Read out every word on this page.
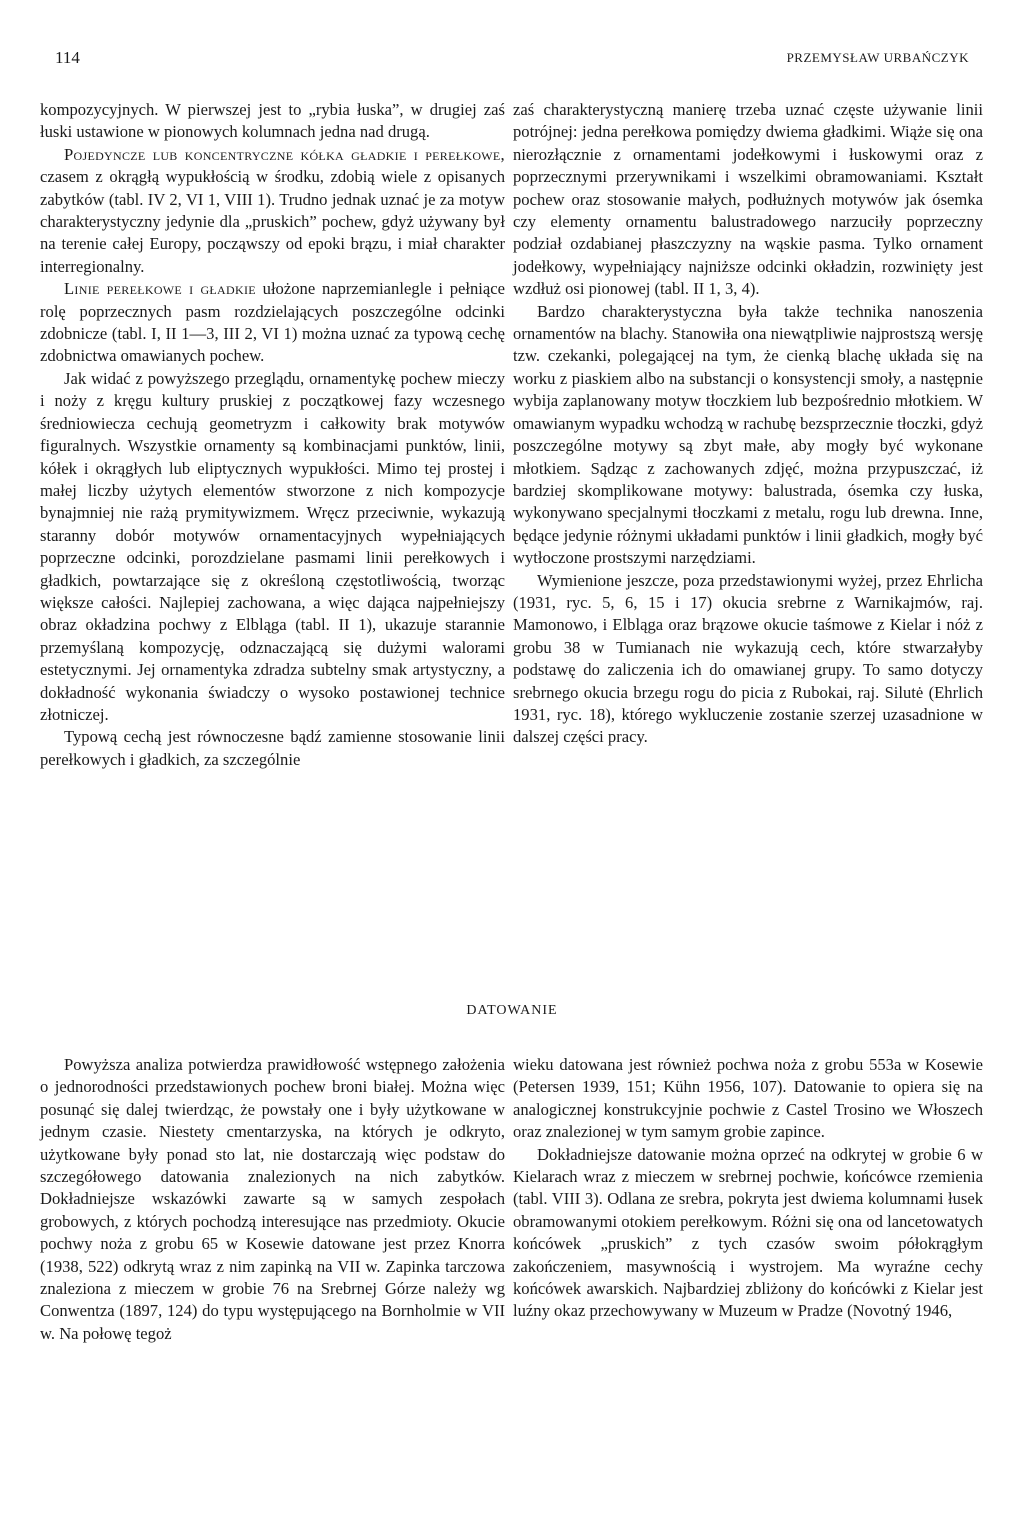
114	PRZEMYSŁAW URBAŃCZYK

kompozycyjnych. W pierwszej jest to „rybia łuska”, w drugiej zaś łuski ustawione w pionowych kolumnach jedna nad drugą.

Pojedyncze lub koncentryczne kółka gładkie i perełkowe, czasem z okrągłą wypukłością w środku, zdobią wiele z opisanych zabytków (tabl. IV 2, VI 1, VIII 1). Trudno jednak uznać je za motyw charakterystyczny jedynie dla „pruskich” pochew, gdyż używany był na terenie całej Europy, począwszy od epoki brązu, i miał charakter interregionalny.

Linie perełkowe i gładkie ułożone naprzemianlegle i pełniące rolę poprzecznych pasm rozdzielających poszczególne odcinki zdobnicze (tabl. I, II 1—3, III 2, VI 1) można uznać za typową cechę zdobnictwa omawianych pochew.

Jak widać z powyższego przeglądu, ornamentykę pochew mieczy i noży z kręgu kultury pruskiej z początkowej fazy wczesnego średniowiecza cechują geometryzm i całkowity brak motywów figuralnych. Wszystkie ornamenty są kombinacjami punktów, linii, kółek i okrągłych lub eliptycznych wypukłości. Mimo tej prostej i małej liczby użytych elementów stworzone z nich kompozycje bynajmniej nie rażą prymitywizmem. Wręcz przeciwnie, wykazują staranny dobór motywów ornamentacyjnych wypełniających poprzeczne odcinki, porozdzielane pasmami linii perełkowych i gładkich, powtarzające się z określoną częstotliwością, tworząc większe całości. Najlepiej zachowana, a więc dająca najpełniejszy obraz okładzina pochwy z Elbląga (tabl. II 1), ukazuje starannie przemyślaną kompozycję, odznaczającą się dużymi walorami estetycznymi. Jej ornamentyka zdradza subtelny smak artystyczny, a dokładność wykonania świadczy o wysoko postawionej technice złotniczej.

Typową cechą jest równoczesne bądź zamienne stosowanie linii perełkowych i gładkich, za szczególnie

zaś charakterystyczną manierę trzeba uznać częste używanie linii potrójnej: jedna perełkowa pomiędzy dwiema gładkimi. Wiąże się ona nierozłącznie z ornamentami jodełkowymi i łuskowymi oraz z poprzecznymi przerywnikami i wszelkimi obramowaniami. Kształt pochew oraz stosowanie małych, podłużnych motywów jak ósemka czy elementy ornamentu balustradowego narzuciły poprzeczny podział ozdabianej płaszczyzny na wąskie pasma. Tylko ornament jodełkowy, wypełniający najniższe odcinki okładzin, rozwinięty jest wzdłuż osi pionowej (tabl. II 1, 3, 4).

Bardzo charakterystyczna była także technika nanoszenia ornamentów na blachy. Stanowiła ona niewątpliwie najprostszą wersję tzw. czekanki, polegającej na tym, że cienką blachę układa się na worku z piaskiem albo na substancji o konsystencji smoły, a następnie wybija zaplanowany motyw tłoczkiem lub bezpośrednio młotkiem. W omawianym wypadku wchodzą w rachubę bezsprzecznie tłoczki, gdyż poszczególne motywy są zbyt małe, aby mogły być wykonane młotkiem. Sądząc z zachowanych zdjęć, można przypuszczać, iż bardziej skomplikowane motywy: balustrada, ósemka czy łuska, wykonywano specjalnymi tłoczkami z metalu, rogu lub drewna. Inne, będące jedynie różnymi układami punktów i linii gładkich, mogły być wytłoczone prostszymi narzędziami.

Wymienione jeszcze, poza przedstawionymi wyżej, przez Ehrlicha (1931, ryc. 5, 6, 15 i 17) okucia srebrne z Warnikajmów, raj. Mamonowo, i Elbląga oraz brązowe okucie taśmowe z Kielar i nóż z grobu 38 w Tumianach nie wykazują cech, które stwarzałyby podstawę do zaliczenia ich do omawianej grupy. To samo dotyczy srebrnego okucia brzegu rogu do picia z Rubokai, raj. Silutė (Ehrlich 1931, ryc. 18), którego wykluczenie zostanie szerzej uzasadnione w dalszej części pracy.

DATOWANIE

Powyższa analiza potwierdza prawidłowość wstępnego założenia o jednorodności przedstawionych pochew broni białej. Można więc posunąć się dalej twierdząc, że powstały one i były użytkowane w jednym czasie. Niestety cmentarzyska, na których je odkryto, użytkowane były ponad sto lat, nie dostarczają więc podstaw do szczegółowego datowania znalezionych na nich zabytków. Dokładniejsze wskazówki zawarte są w samych zespołach grobowych, z których pochodzą interesujące nas przedmioty. Okucie pochwy noża z grobu 65 w Kosewie datowane jest przez Knorra (1938, 522) odkrytą wraz z nim zapinką na VII w. Zapinka tarczowa znaleziona z mieczem w grobie 76 na Srebrnej Górze należy wg Conwentza (1897, 124) do typu występującego na Bornholmie w VII w. Na połowę tegoż

wieku datowana jest również pochwa noża z grobu 553a w Kosewie (Petersen 1939, 151; Kühn 1956, 107). Datowanie to opiera się na analogicznej konstrukcyjnie pochwie z Castel Trosino we Włoszech oraz znalezionej w tym samym grobie zapince.

Dokładniejsze datowanie można oprzeć na odkrytej w grobie 6 w Kielarach wraz z mieczem w srebrnej pochwie, końcówce rzemienia (tabl. VIII 3). Odlana ze srebra, pokryta jest dwiema kolumnami łusek obramowanymi otokiem perełkowym. Różni się ona od lancetowatych końcówek „pruskich” z tych czasów swoim półokrągłym zakończeniem, masywnością i wystrojem. Ma wyraźne cechy końcówek awarskich. Najbardziej zbliżony do końcówki z Kielar jest luźny okaz przechowywany w Muzeum w Pradze (Novotný 1946,
